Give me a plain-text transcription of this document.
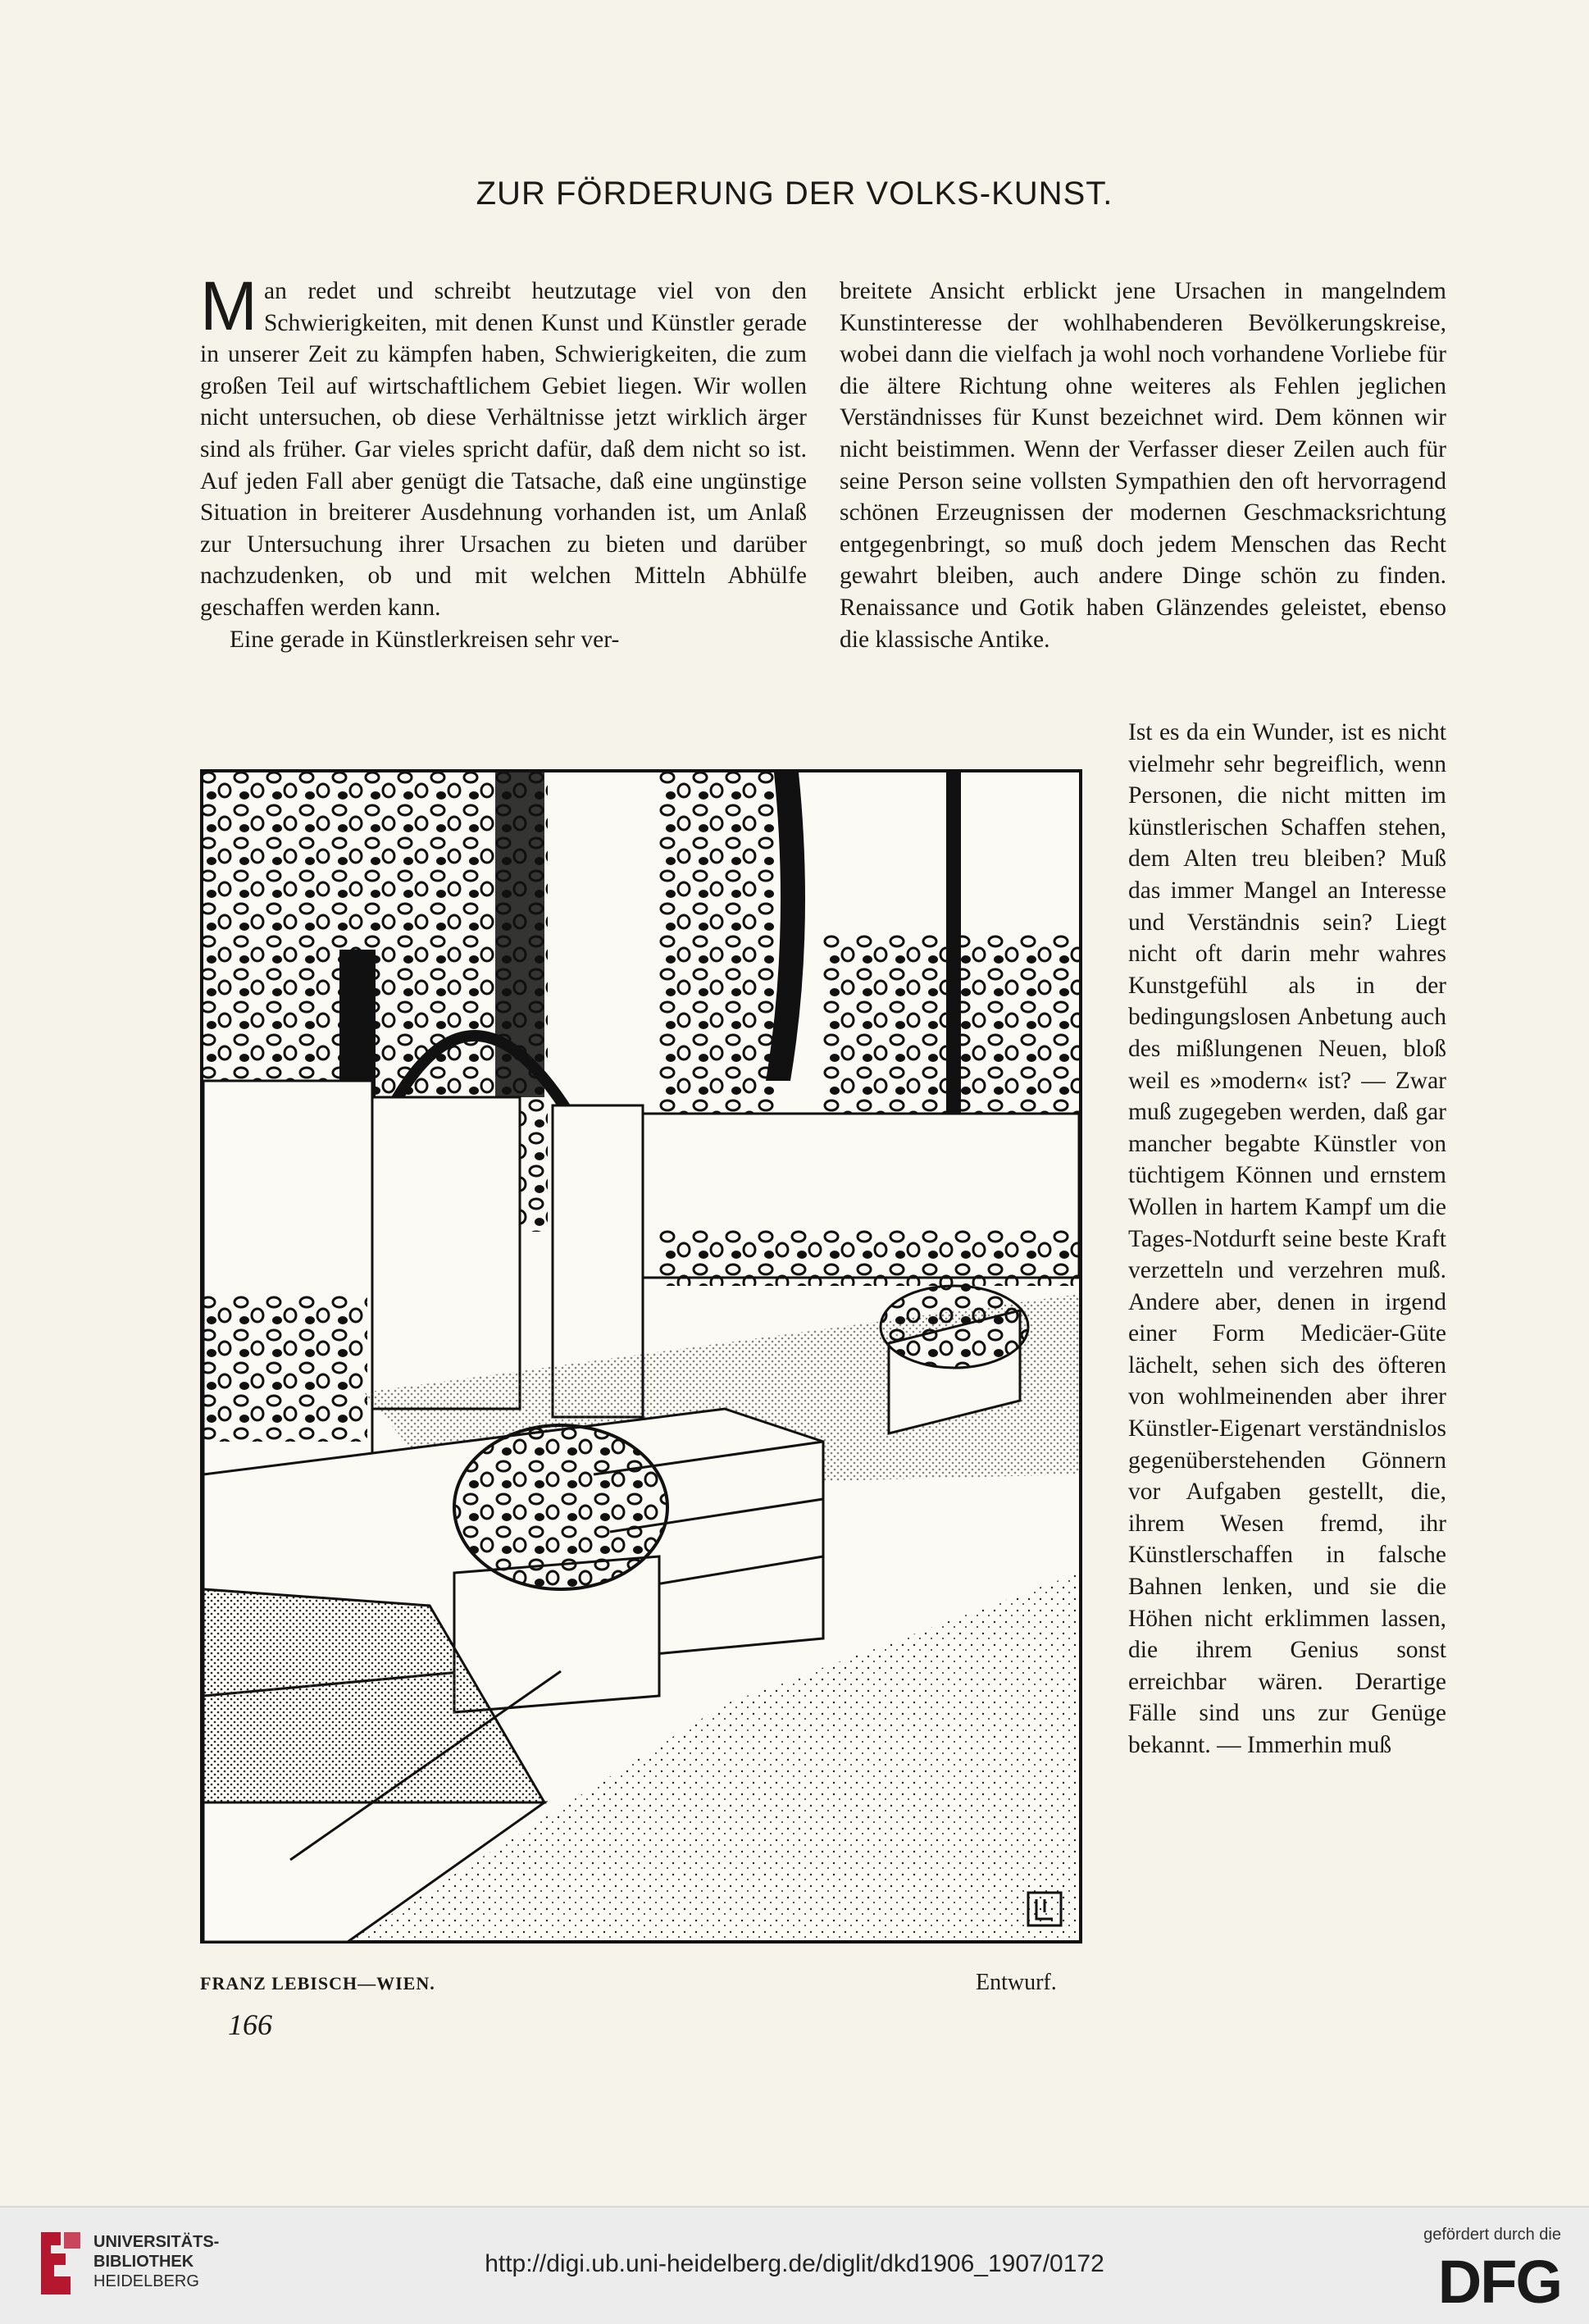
ZUR FÖRDERUNG DER VOLKS-KUNST.

Man redet und schreibt heutzutage viel von den Schwierigkeiten, mit denen Kunst und Künstler gerade in unserer Zeit zu kämpfen haben, Schwierigkeiten, die zum großen Teil auf wirtschaftlichem Gebiet liegen. Wir wollen nicht untersuchen, ob diese Verhältnisse jetzt wirklich ärger sind als früher. Gar vieles spricht dafür, daß dem nicht so ist. Auf jeden Fall aber genügt die Tatsache, daß eine ungünstige Situation in breiterer Ausdehnung vorhanden ist, um Anlaß zur Untersuchung ihrer Ursachen zu bieten und darüber nachzudenken, ob und mit welchen Mitteln Abhülfe geschaffen werden kann.

Eine gerade in Künstlerkreisen sehr ver-

breitete Ansicht erblickt jene Ursachen in mangelndem Kunstinteresse der wohlhabenderen Bevölkerungskreise, wobei dann die vielfach ja wohl noch vorhandene Vorliebe für die ältere Richtung ohne weiteres als Fehlen jeglichen Verständnisses für Kunst bezeichnet wird. Dem können wir nicht beistimmen. Wenn der Verfasser dieser Zeilen auch für seine Person seine vollsten Sympathien den oft hervorragend schönen Erzeugnissen der modernen Geschmacksrichtung entgegenbringt, so muß doch jedem Menschen das Recht gewahrt bleiben, auch andere Dinge schön zu finden. Renaissance und Gotik haben Glänzendes geleistet, ebenso die klassische Antike.

Ist es da ein Wunder, ist es nicht vielmehr sehr begreiflich, wenn Personen, die nicht mitten im künstlerischen Schaffen stehen, dem Alten treu bleiben? Muß das immer Mangel an Interesse und Verständnis sein? Liegt nicht oft darin mehr wahres Kunstgefühl als in der bedingungslosen Anbetung auch des mißlungenen Neuen, bloß weil es »modern« ist? — Zwar muß zugegeben werden, daß gar mancher begabte Künstler von tüchtigem Können und ernstem Wollen in hartem Kampf um die Tages-Notdurft seine beste Kraft verzetteln und verzehren muß. Andere aber, denen in irgend einer Form Medicäer-Güte lächelt, sehen sich des öfteren von wohlmeinenden aber ihrer Künstler-Eigenart verständnislos gegenüberstehenden Gönnern vor Aufgaben gestellt, die, ihrem Wesen fremd, ihr Künstlerschaffen in falsche Bahnen lenken, und sie die Höhen nicht erklimmen lassen, die ihrem Genius sonst erreichbar wären. Derartige Fälle sind uns zur Genüge bekannt. — Immerhin muß

FRANZ LEBISCH—WIEN.	Entwurf.
166
UNIVERSITÄTS-
BIBLIOTHEK
HEIDELBERG
http://digi.ub.uni-heidelberg.de/diglit/dkd1906_1907/0172
gefördert durch die
DFG
